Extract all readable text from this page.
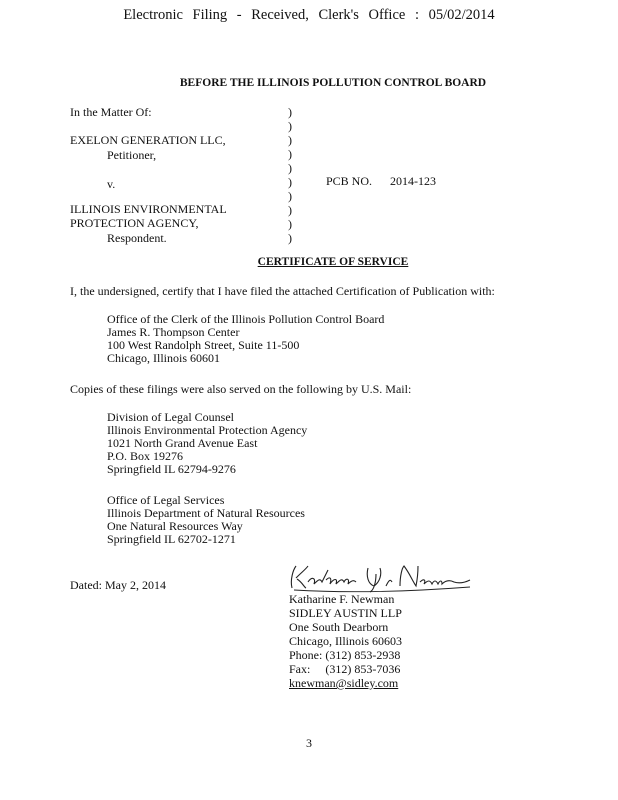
Electronic Filing - Received, Clerk's Office : 05/02/2014
BEFORE THE ILLINOIS POLLUTION CONTROL BOARD
In the Matter Of:
EXELON GENERATION LLC,
Petitioner,
v.
ILLINOIS ENVIRONMENTAL
PROTECTION AGENCY,
Respondent.
)
)
)
)
)
)
)
)
)
)
PCB NO. 2014-123
CERTIFICATE OF SERVICE
I, the undersigned, certify that I have filed the attached Certification of Publication with:
Office of the Clerk of the Illinois Pollution Control Board
James R. Thompson Center
100 West Randolph Street, Suite 11-500
Chicago, Illinois 60601
Copies of these filings were also served on the following by U.S. Mail:
Division of Legal Counsel
Illinois Environmental Protection Agency
1021 North Grand Avenue East
P.O. Box 19276
Springfield IL 62794-9276
Office of Legal Services
Illinois Department of Natural Resources
One Natural Resources Way
Springfield IL 62702-1271
Dated: May 2, 2014
Katharine F. Newman
SIDLEY AUSTIN LLP
One South Dearborn
Chicago, Illinois 60603
Phone: (312) 853-2938
Fax:     (312) 853-7036
knewman@sidley.com
3
